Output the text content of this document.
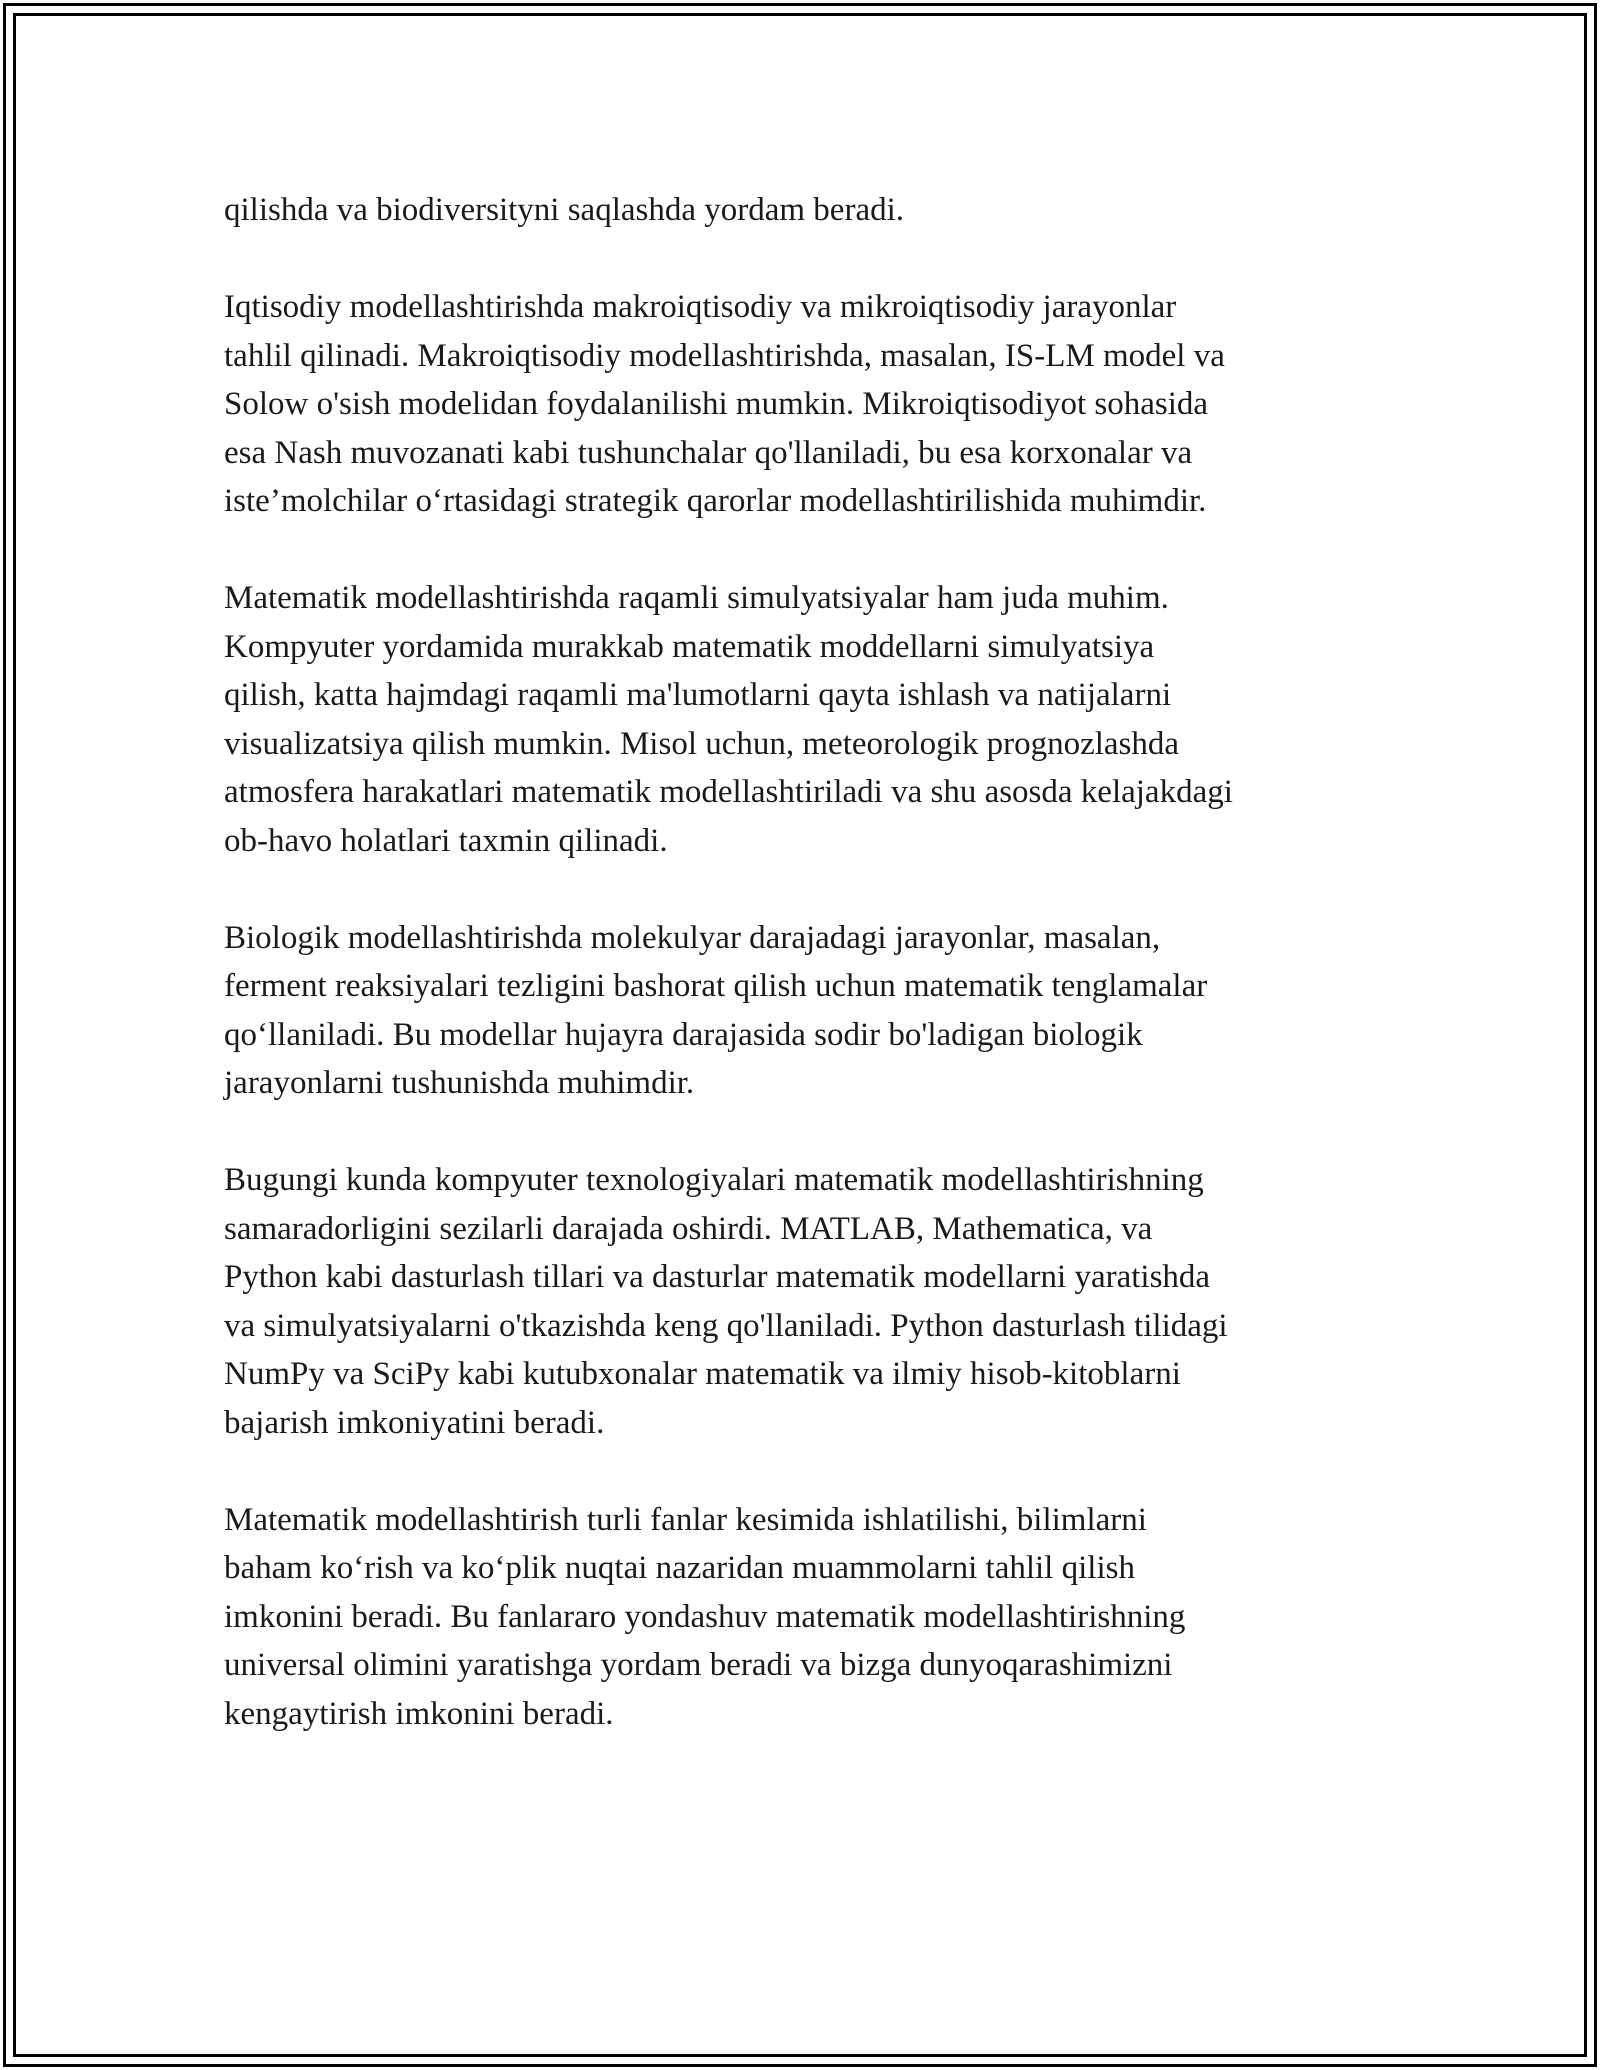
qilishda va biodiversityni saqlashda yordam beradi.

Iqtisodiy modellashtirishda makroiqtisodiy va mikroiqtisodiy jarayonlar
tahlil qilinadi. Makroiqtisodiy modellashtirishda, masalan, IS-LM model va
Solow o'sish modelidan foydalanilishi mumkin. Mikroiqtisodiyot sohasida
esa Nash muvozanati kabi tushunchalar qo'llaniladi, bu esa korxonalar va
iste’molchilar o‘rtasidagi strategik qarorlar modellashtirilishida muhimdir.

Matematik modellashtirishda raqamli simulyatsiyalar ham juda muhim.
Kompyuter yordamida murakkab matematik moddellarni simulyatsiya
qilish, katta hajmdagi raqamli ma'lumotlarni qayta ishlash va natijalarni
visualizatsiya qilish mumkin. Misol uchun, meteorologik prognozlashda
atmosfera harakatlari matematik modellashtiriladi va shu asosda kelajakdagi
ob-havo holatlari taxmin qilinadi.

Biologik modellashtirishda molekulyar darajadagi jarayonlar, masalan,
ferment reaksiyalari tezligini bashorat qilish uchun matematik tenglamalar
qo‘llaniladi. Bu modellar hujayra darajasida sodir bo'ladigan biologik
jarayonlarni tushunishda muhimdir.

Bugungi kunda kompyuter texnologiyalari matematik modellashtirishning
samaradorligini sezilarli darajada oshirdi. MATLAB, Mathematica, va
Python kabi dasturlash tillari va dasturlar matematik modellarni yaratishda
va simulyatsiyalarni o'tkazishda keng qo'llaniladi. Python dasturlash tilidagi
NumPy va SciPy kabi kutubxonalar matematik va ilmiy hisob-kitoblarni
bajarish imkoniyatini beradi.

Matematik modellashtirish turli fanlar kesimida ishlatilishi, bilimlarni
baham ko‘rish va ko‘plik nuqtai nazaridan muammolarni tahlil qilish
imkonini beradi. Bu fanlararo yondashuv matematik modellashtirishning
universal olimini yaratishga yordam beradi va bizga dunyoqarashimizni
kengaytirish imkonini beradi.
